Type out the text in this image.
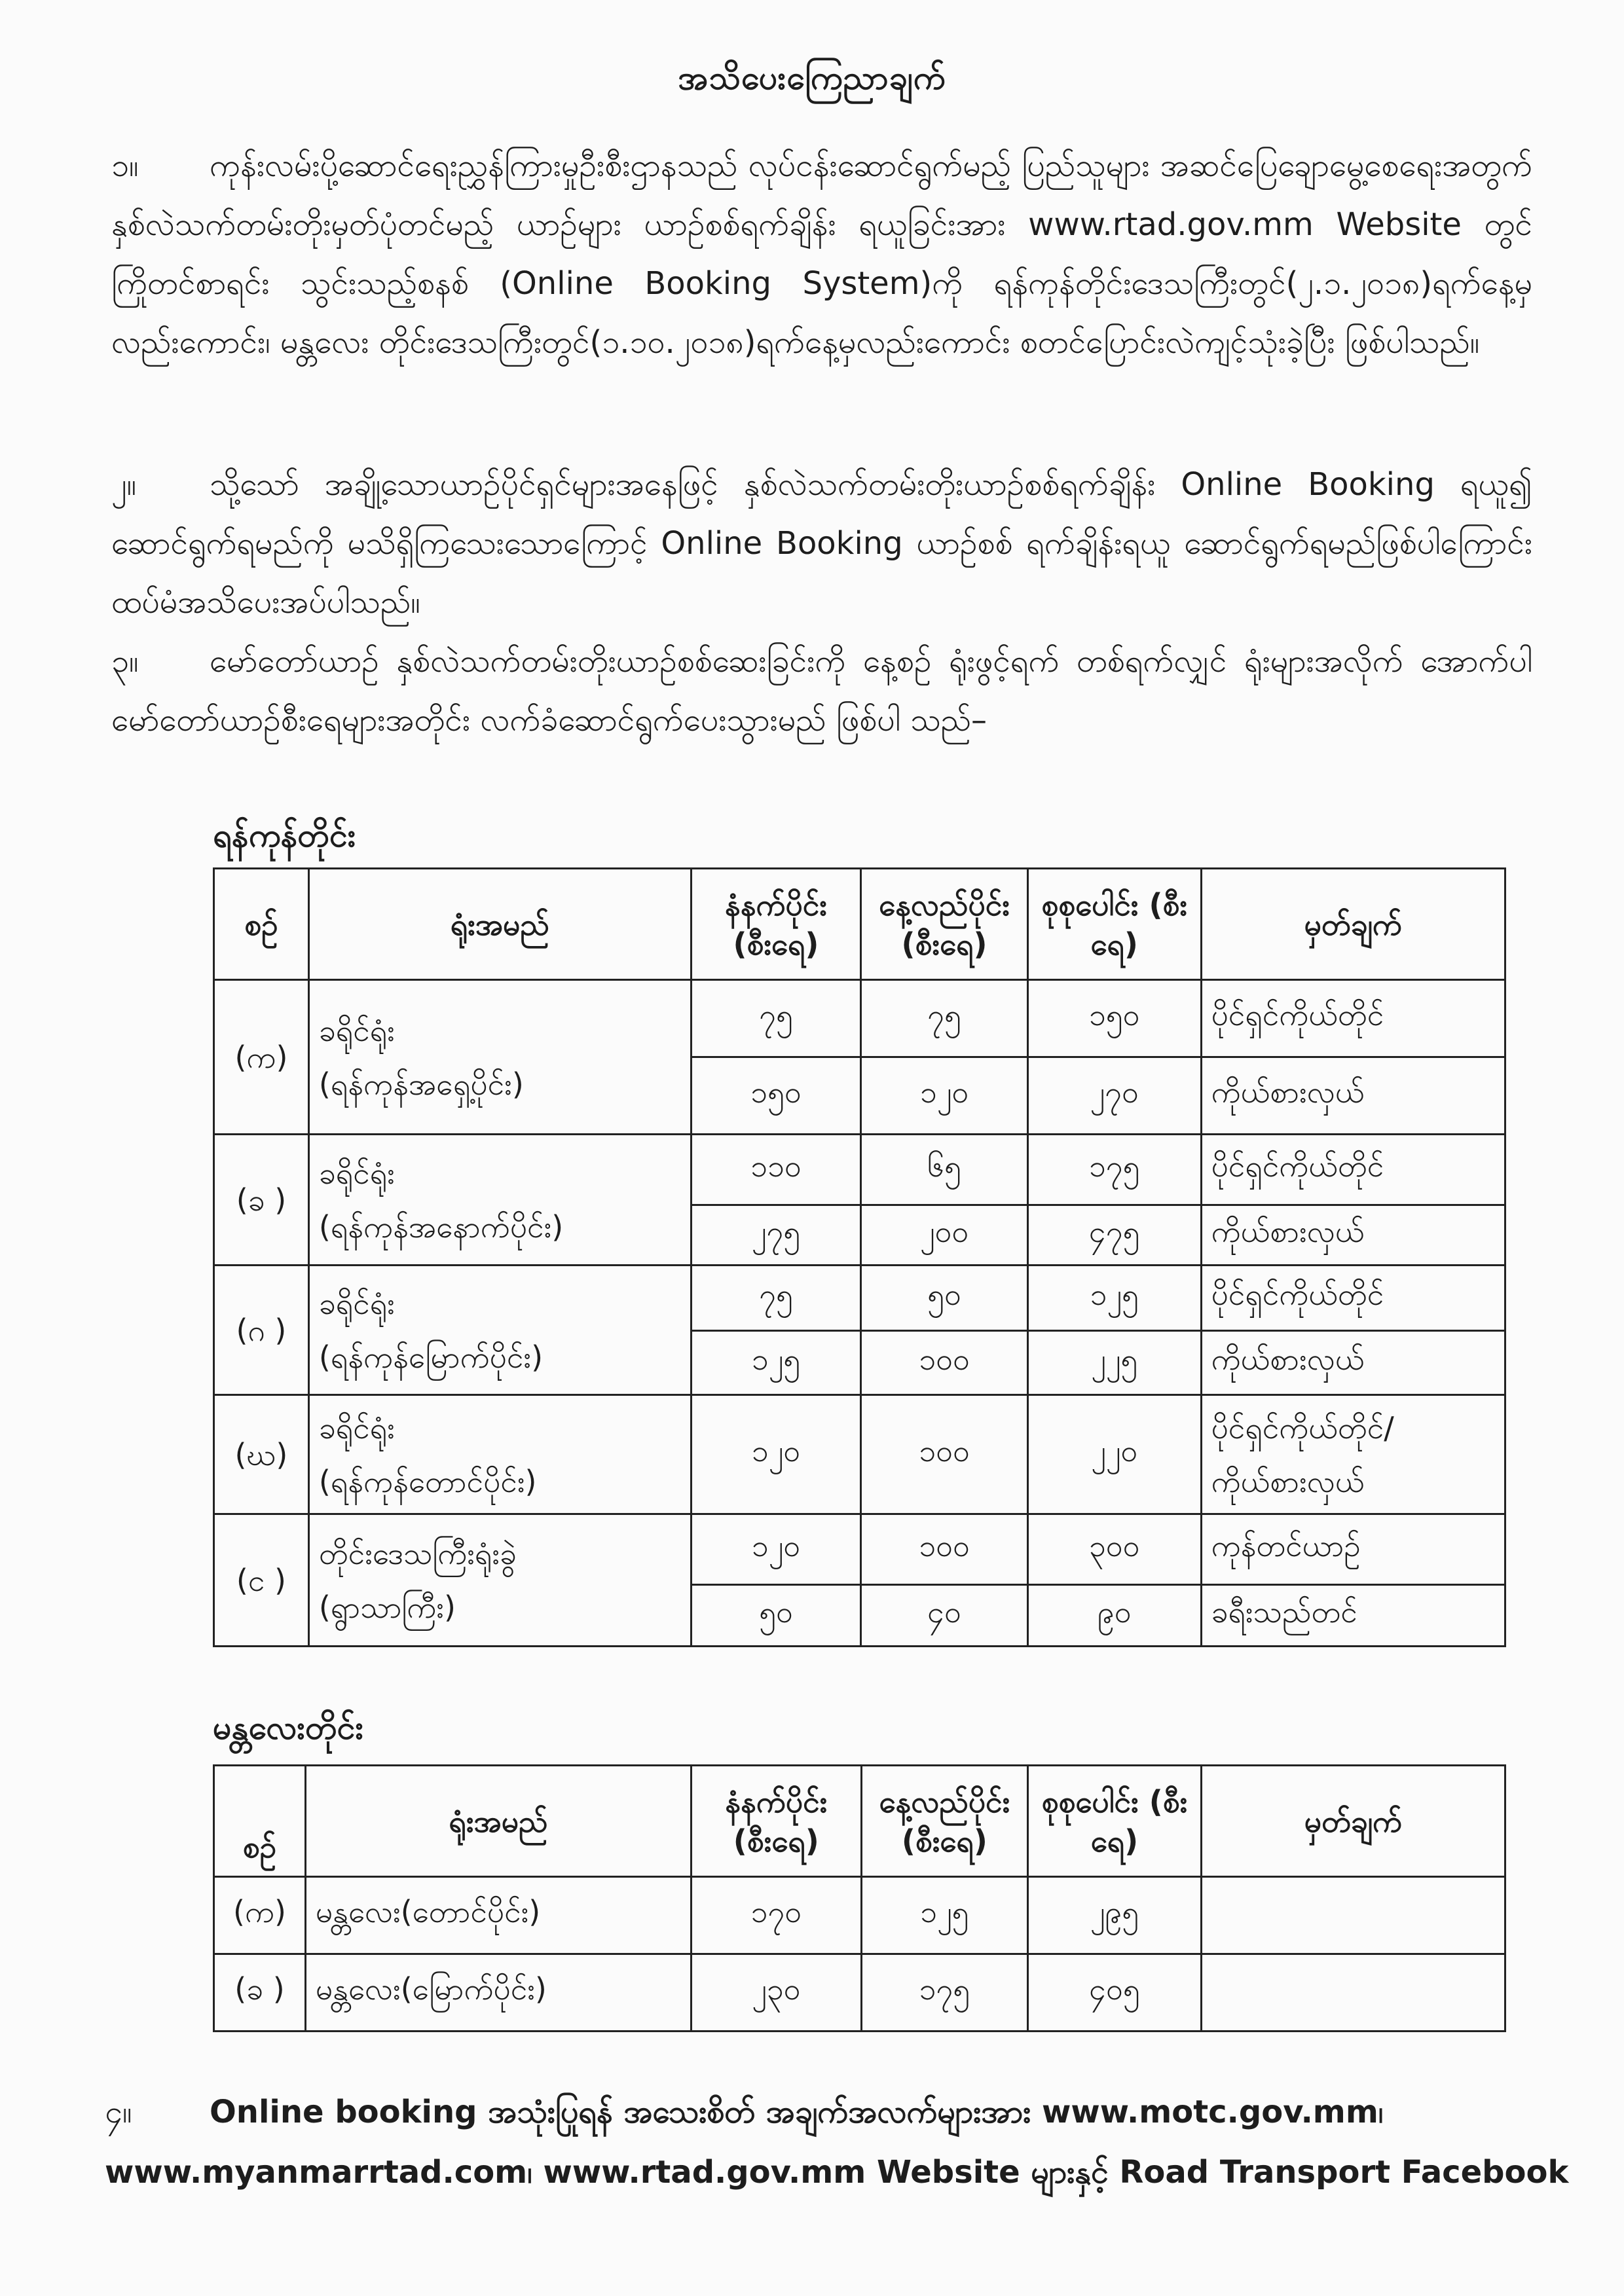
အသိပေးကြေညာချက်
၁။ ကုန်းလမ်းပို့ဆောင်ရေးညွှန်ကြားမှုဦးစီးဌာနသည် လုပ်ငန်းဆောင်ရွက်မည့် ပြည်သူများ အဆင်ပြေချောမွေ့စေရေးအတွက် နှစ်လဲသက်တမ်းတိုးမှတ်ပုံတင်မည့် ယာဉ်များ ယာဉ်စစ်ရက်ချိန်း ရယူခြင်းအား www.rtad.gov.mm Website တွင် ကြိုတင်စာရင်း သွင်းသည့်စနစ် (Online Booking System)ကို ရန်ကုန်တိုင်းဒေသကြီးတွင်(၂.၁.၂၀၁၈)ရက်နေ့မှလည်းကောင်း၊ မန္တလေး တိုင်းဒေသကြီးတွင်(၁.၁၀.၂၀၁၈)ရက်နေ့မှလည်းကောင်း စတင်ပြောင်းလဲကျင့်သုံးခဲ့ပြီး ဖြစ်ပါသည်။
၂။ သို့သော် အချို့သောယာဉ်ပိုင်ရှင်များအနေဖြင့် နှစ်လဲသက်တမ်းတိုးယာဉ်စစ်ရက်ချိန်း Online Booking ရယူ၍ ဆောင်ရွက်ရမည်ကို မသိရှိကြသေးသောကြောင့် Online Booking ယာဉ်စစ် ရက်ချိန်းရယူ ဆောင်ရွက်ရမည်ဖြစ်ပါကြောင်း ထပ်မံအသိပေးအပ်ပါသည်။
၃။ မော်တော်ယာဉ် နှစ်လဲသက်တမ်းတိုးယာဉ်စစ်ဆေးခြင်းကို နေ့စဉ် ရုံးဖွင့်ရက် တစ်ရက်လျှင် ရုံးများအလိုက် အောက်ပါ မော်တော်ယာဉ်စီးရေများအတိုင်း လက်ခံဆောင်ရွက်ပေးသွားမည် ဖြစ်ပါ သည်–
ရန်ကုန်တိုင်း
စဉ်	ရုံးအမည်	နံနက်ပိုင်း (စီးရေ)	နေ့လည်ပိုင်း (စီးရေ)	စုစုပေါင်း (စီးရေ)	မှတ်ချက်
(က)	ခရိုင်ရုံး
(ရန်ကုန်အရှေ့ပိုင်း)	၇၅	၇၅	၁၅၀	ပိုင်ရှင်ကိုယ်တိုင်
		၁၅၀	၁၂၀	၂၇၀	ကိုယ်စားလှယ်
(ခ )	ခရိုင်ရုံး
(ရန်ကုန်အနောက်ပိုင်း)	၁၁၀	၆၅	၁၇၅	ပိုင်ရှင်ကိုယ်တိုင်
		၂၇၅	၂၀၀	၄၇၅	ကိုယ်စားလှယ်
(ဂ )	ခရိုင်ရုံး
(ရန်ကုန်မြောက်ပိုင်း)	၇၅	၅၀	၁၂၅	ပိုင်ရှင်ကိုယ်တိုင်
		၁၂၅	၁၀၀	၂၂၅	ကိုယ်စားလှယ်
(ဃ)	ခရိုင်ရုံး
(ရန်ကုန်တောင်ပိုင်း)	၁၂၀	၁၀၀	၂၂၀	ပိုင်ရှင်ကိုယ်တိုင်/ ကိုယ်စားလှယ်
(င )	တိုင်းဒေသကြီးရုံးခွဲ
(ရွာသာကြီး)	၁၂၀	၁၀၀	၃၀၀	ကုန်တင်ယာဉ်
		၅၀	၄၀	၉၀	ခရီးသည်တင်
မန္တလေးတိုင်း
စဉ်	ရုံးအမည်	နံနက်ပိုင်း (စီးရေ)	နေ့လည်ပိုင်း (စီးရေ)	စုစုပေါင်း (စီးရေ)	မှတ်ချက်
(က)	မန္တလေး(တောင်ပိုင်း)	၁၇၀	၁၂၅	၂၉၅	
(ခ )	မန္တလေး(မြောက်ပိုင်း)	၂၃၀	၁၇၅	၄၀၅	
၄။	Online booking အသုံးပြုရန် အသေးစိတ် အချက်အလက်များအား www.motc.gov.mm၊
www.myanmarrtad.com၊ www.rtad.gov.mm Website များနှင့် Road Transport Facebook
